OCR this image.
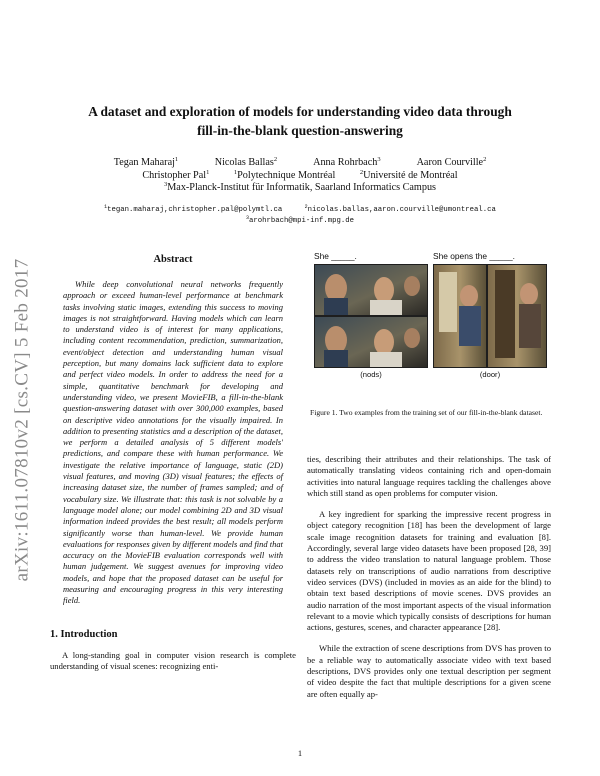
arXiv:1611.07810v2 [cs.CV] 5 Feb 2017
A dataset and exploration of models for understanding video data through
fill-in-the-blank question-answering
Tegan Maharaj$^1$	Nicolas Ballas$^2$	Anna Rohrbach$^3$	Aaron Courville$^2$
Christopher Pal$^1$	$^1$Polytechnique Montréal	$^2$Université de Montréal
$^3$Max-Planck-Institut für Informatik, Saarland Informatics Campus
$^1$tegan.maharaj,christopher.pal@polymtl.ca	$^2$nicolas.ballas,aaron.courville@umontreal.ca
$^3$arohrbach@mpi-inf.mpg.de
Abstract

While deep convolutional neural networks frequently approach or exceed human-level performance at benchmark tasks involving static images, extending this success to moving images is not straightforward. Having models which can learn to understand video is of interest for many applications, including content recommendation, prediction, summarization, event/object detection and understanding human visual perception, but many domains lack sufficient data to explore and perfect video models. In order to address the need for a simple, quantitative benchmark for developing and understanding video, we present MovieFIB, a fill-in-the-blank question-answering dataset with over 300,000 examples, based on descriptive video annotations for the visually impaired. In addition to presenting statistics and a description of the dataset, we perform a detailed analysis of 5 different models' predictions, and compare these with human performance. We investigate the relative importance of language, static (2D) visual features, and moving (3D) visual features; the effects of increasing dataset size, the number of frames sampled; and of vocabulary size. We illustrate that: this task is not solvable by a language model alone; our model combining 2D and 3D visual information indeed provides the best result; all models perform significantly worse than human-level. We provide human evaluations for responses given by different models and find that accuracy on the MovieFIB evaluation corresponds well with human judgement. We suggest avenues for improving video models, and hope that the proposed dataset can be useful for measuring and encouraging progress in this very interesting field.

1. Introduction

A long-standing goal in computer vision research is complete understanding of visual scenes: recognizing enti-

She _____.
(nods)
She opens the _____.
(door)
Figure 1. Two examples from the training set of our fill-in-the-blank dataset.

ties, describing their attributes and their relationships. The task of automatically translating videos containing rich and open-domain activities into natural language requires tackling the challenges above which still stand as open problems for computer vision.

A key ingredient for sparking the impressive recent progress in object category recognition [18] has been the development of large scale image recognition datasets for training and evaluation [8]. Accordingly, several large video datasets have been proposed [28, 39] to address the video translation to natural language problem. Those datasets rely on transcriptions of audio narrations from descriptive video services (DVS) (included in movies as an aide for the blind) to obtain text based descriptions of movie scenes. DVS provides an audio narration of the most important aspects of the visual information relevant to a movie which typically consists of descriptions for human actions, gestures, scenes, and character appearance [28].

While the extraction of scene descriptions from DVS has proven to be a reliable way to automatically associate video with text based descriptions, DVS provides only one textual description per segment of video despite the fact that multiple descriptions for a given scene are often equally ap-

1
